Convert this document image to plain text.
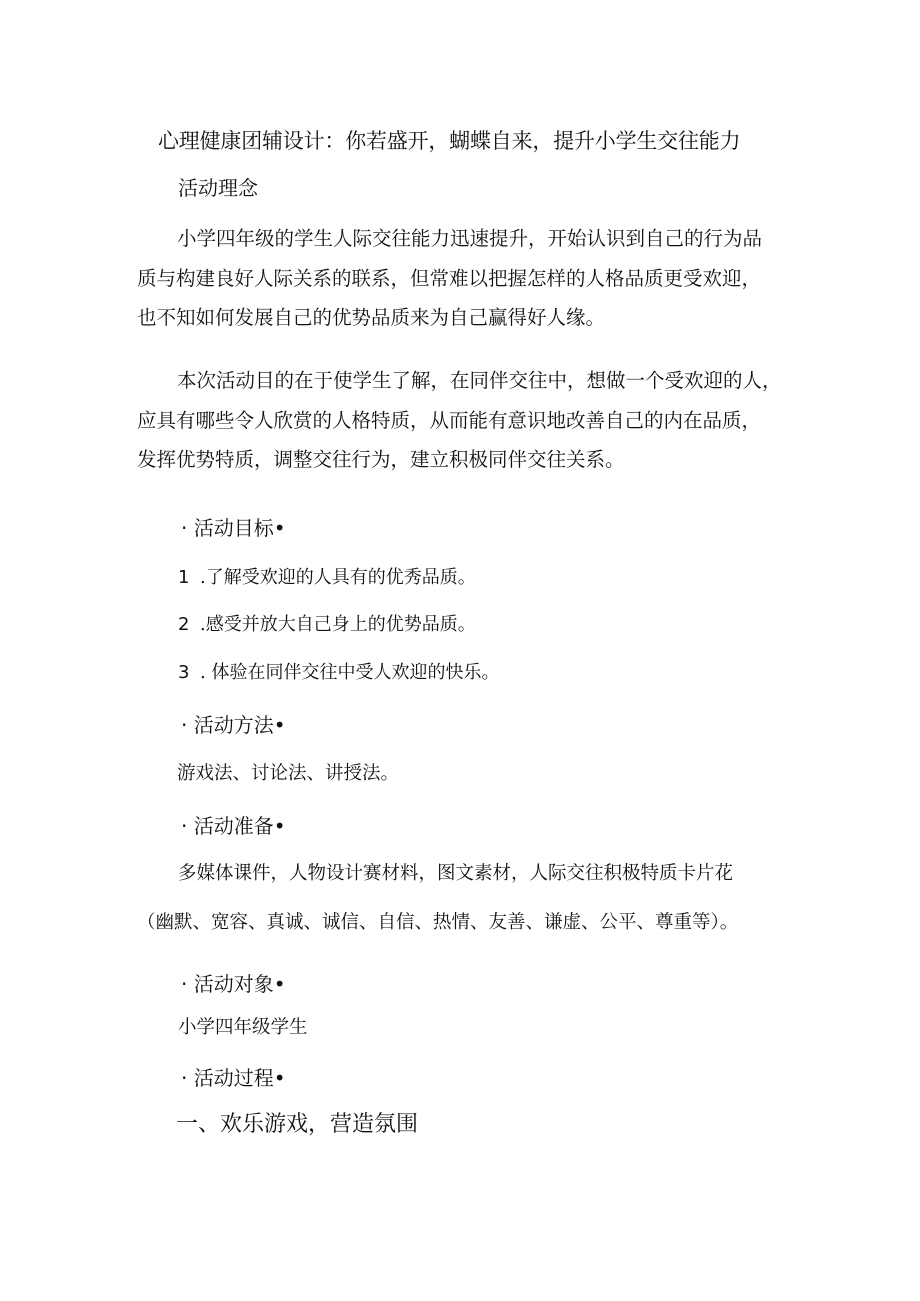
心理健康团辅设计：你若盛开，蝴蝶自来，提升小学生交往能力
活动理念
小学四年级的学生人际交往能力迅速提升，开始认识到自己的行为品
质与构建良好人际关系的联系，但常难以把握怎样的人格品质更受欢迎，
也不知如何发展自己的优势品质来为自己赢得好人缘。
本次活动目的在于使学生了解，在同伴交往中，想做一个受欢迎的人，
应具有哪些令人欣赏的人格特质，从而能有意识地改善自己的内在品质，
发挥优势特质，调整交往行为，建立积极同伴交往关系。
· 活动目标•
1 .了解受欢迎的人具有的优秀品质。
2 .感受并放大自己身上的优势品质。
3 . 体验在同伴交往中受人欢迎的快乐。
· 活动方法•
游戏法、讨论法、讲授法。
· 活动准备•
多媒体课件，人物设计赛材料，图文素材，人际交往积极特质卡片花
（幽默、宽容、真诚、诚信、自信、热情、友善、谦虚、公平、尊重等）。
· 活动对象•
小学四年级学生
· 活动过程•
一、欢乐游戏，营造氛围
